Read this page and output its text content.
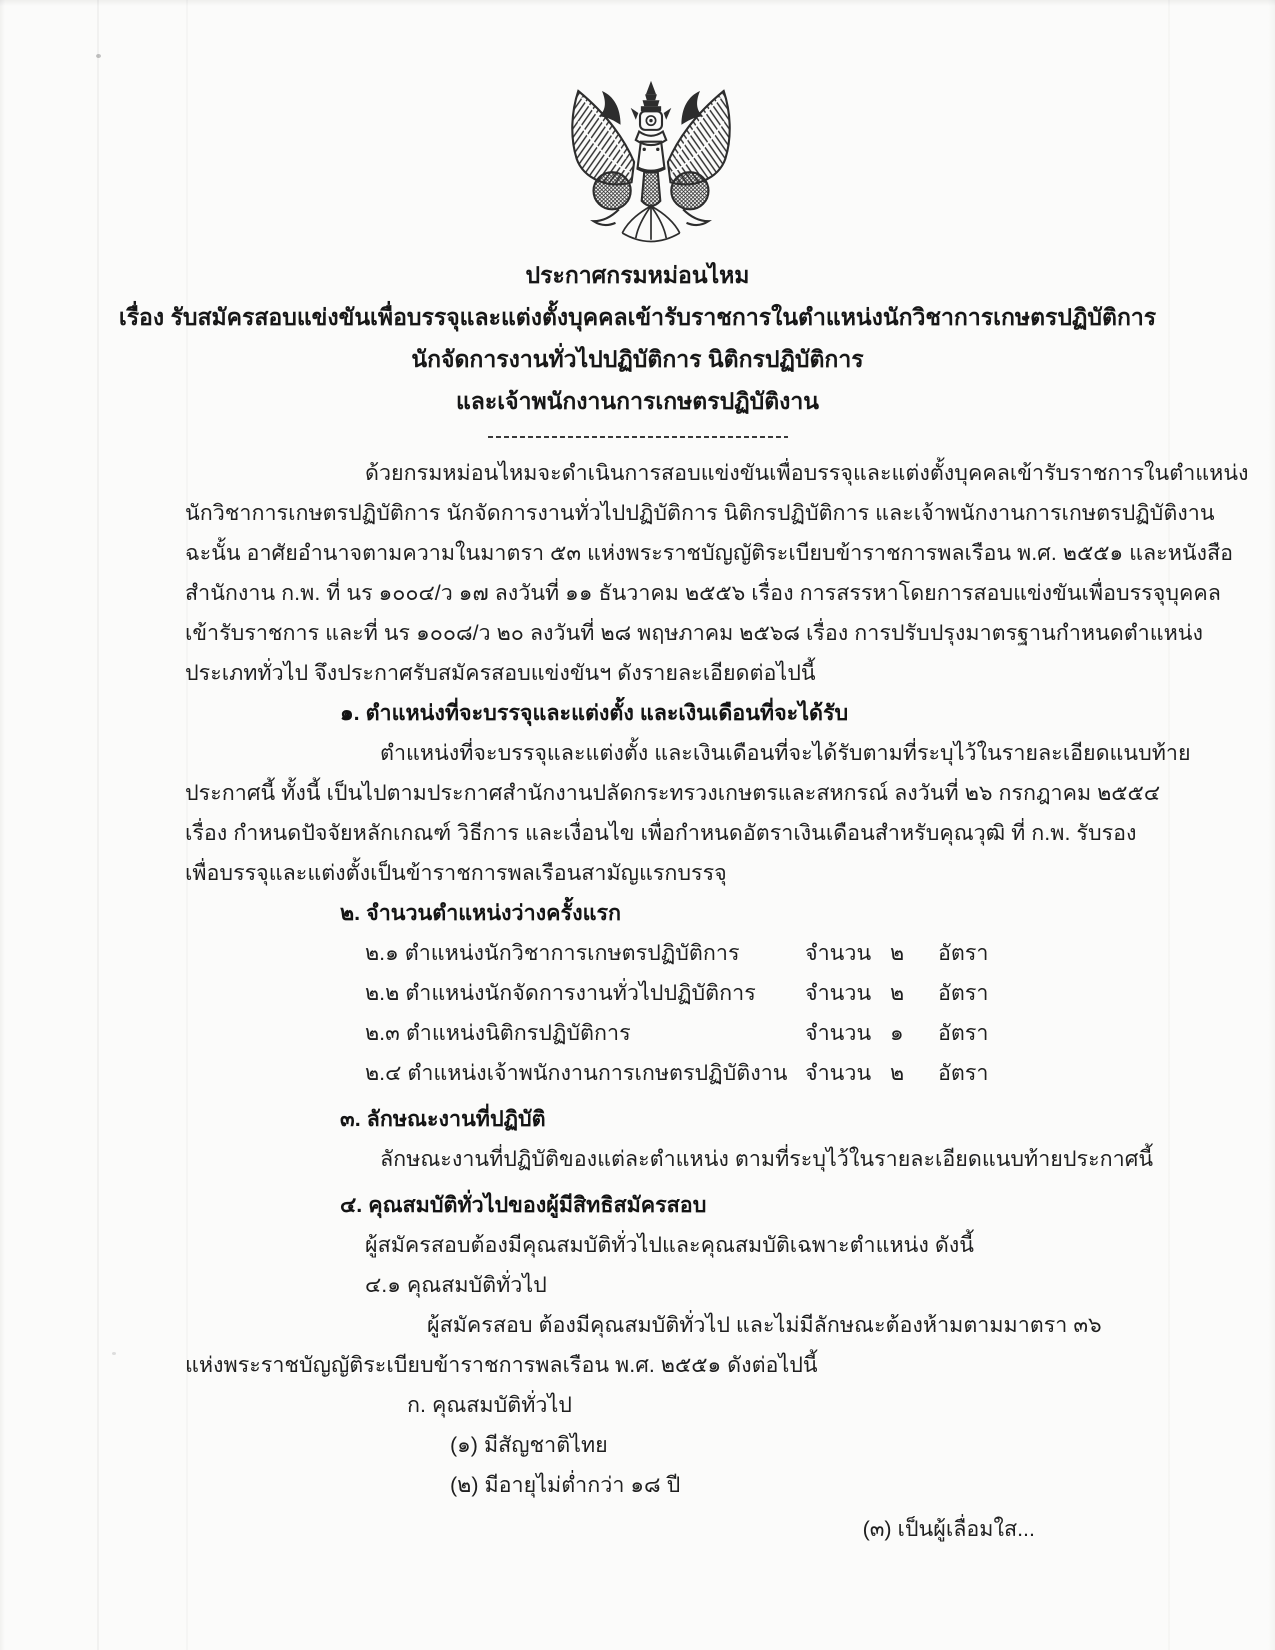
ประกาศกรมหม่อนไหม
เรื่อง รับสมัครสอบแข่งขันเพื่อบรรจุและแต่งตั้งบุคคลเข้ารับราชการในตำแหน่งนักวิชาการเกษตรปฏิบัติการ
นักจัดการงานทั่วไปปฏิบัติการ นิติกรปฏิบัติการ
และเจ้าพนักงานการเกษตรปฏิบัติงาน
ด้วยกรมหม่อนไหมจะดำเนินการสอบแข่งขันเพื่อบรรจุและแต่งตั้งบุคคลเข้ารับราชการในตำแหน่ง
นักวิชาการเกษตรปฏิบัติการ นักจัดการงานทั่วไปปฏิบัติการ นิติกรปฏิบัติการ และเจ้าพนักงานการเกษตรปฏิบัติงาน
ฉะนั้น อาศัยอำนาจตามความในมาตรา ๕๓ แห่งพระราชบัญญัติระเบียบข้าราชการพลเรือน พ.ศ. ๒๕๕๑ และหนังสือ
สำนักงาน ก.พ. ที่ นร ๑๐๐๔/ว ๑๗ ลงวันที่ ๑๑ ธันวาคม ๒๕๕๖ เรื่อง การสรรหาโดยการสอบแข่งขันเพื่อบรรจุบุคคล
เข้ารับราชการ และที่ นร ๑๐๐๘/ว ๒๐ ลงวันที่ ๒๘ พฤษภาคม ๒๕๖๘ เรื่อง การปรับปรุงมาตรฐานกำหนดตำแหน่ง
ประเภททั่วไป จึงประกาศรับสมัครสอบแข่งขันฯ ดังรายละเอียดต่อไปนี้
๑. ตำแหน่งที่จะบรรจุและแต่งตั้ง และเงินเดือนที่จะได้รับ
ตำแหน่งที่จะบรรจุและแต่งตั้ง และเงินเดือนที่จะได้รับตามที่ระบุไว้ในรายละเอียดแนบท้าย
ประกาศนี้ ทั้งนี้ เป็นไปตามประกาศสำนักงานปลัดกระทรวงเกษตรและสหกรณ์ ลงวันที่ ๒๖ กรกฎาคม ๒๕๕๔
เรื่อง กำหนดปัจจัยหลักเกณฑ์ วิธีการ และเงื่อนไข เพื่อกำหนดอัตราเงินเดือนสำหรับคุณวุฒิ ที่ ก.พ. รับรอง
เพื่อบรรจุและแต่งตั้งเป็นข้าราชการพลเรือนสามัญแรกบรรจุ
๒. จำนวนตำแหน่งว่างครั้งแรก
๒.๑ ตำแหน่งนักวิชาการเกษตรปฏิบัติการ	จำนวน ๒	อัตรา
๒.๒ ตำแหน่งนักจัดการงานทั่วไปปฏิบัติการ	จำนวน ๒	อัตรา
๒.๓ ตำแหน่งนิติกรปฏิบัติการ	จำนวน ๑	อัตรา
๒.๔ ตำแหน่งเจ้าพนักงานการเกษตรปฏิบัติงาน จำนวน ๒	อัตรา
๓. ลักษณะงานที่ปฏิบัติ
ลักษณะงานที่ปฏิบัติของแต่ละตำแหน่ง ตามที่ระบุไว้ในรายละเอียดแนบท้ายประกาศนี้
๔. คุณสมบัติทั่วไปของผู้มีสิทธิสมัครสอบ
ผู้สมัครสอบต้องมีคุณสมบัติทั่วไปและคุณสมบัติเฉพาะตำแหน่ง ดังนี้
๔.๑ คุณสมบัติทั่วไป
ผู้สมัครสอบ ต้องมีคุณสมบัติทั่วไป และไม่มีลักษณะต้องห้ามตามมาตรา ๓๖
แห่งพระราชบัญญัติระเบียบข้าราชการพลเรือน พ.ศ. ๒๕๕๑ ดังต่อไปนี้
ก. คุณสมบัติทั่วไป
(๑) มีสัญชาติไทย
(๒) มีอายุไม่ต่ำกว่า ๑๘ ปี
(๓) เป็นผู้เลื่อมใส...
